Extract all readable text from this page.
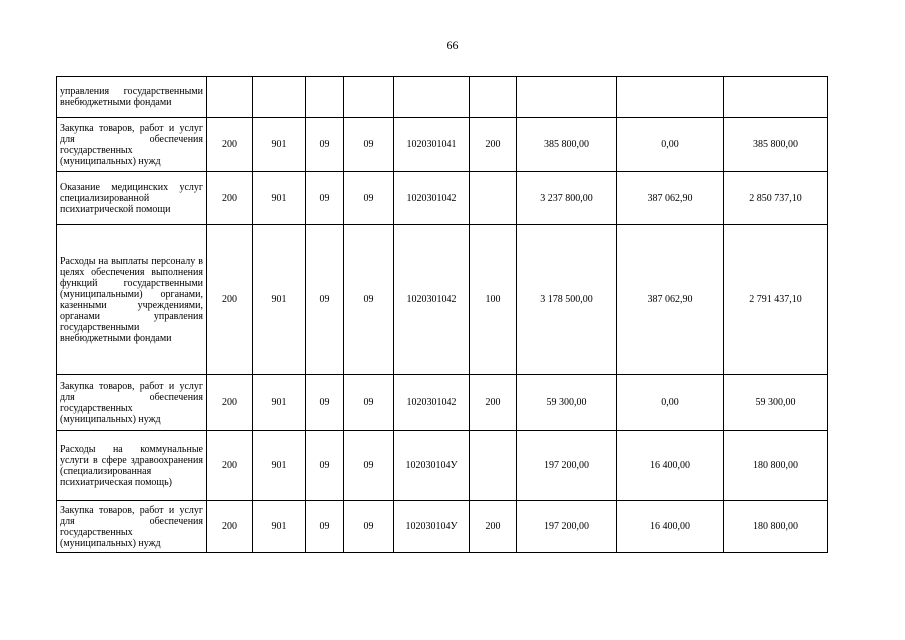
66
управления государственными внебюджетными фондами									
Закупка товаров, работ и услуг для обеспечения государственных (муниципальных) нужд	200	901	09	09	1020301041	200	385 800,00	0,00	385 800,00
Оказание медицинских услуг специализированной психиатрической помощи	200	901	09	09	1020301042		3 237 800,00	387 062,90	2 850 737,10
Расходы на выплаты персоналу в целях обеспечения выполнения функций государственными (муниципальными) органами, казенными учреждениями, органами управления государственными внебюджетными фондами	200	901	09	09	1020301042	100	3 178 500,00	387 062,90	2 791 437,10
Закупка товаров, работ и услуг для обеспечения государственных (муниципальных) нужд	200	901	09	09	1020301042	200	59 300,00	0,00	59 300,00
Расходы на коммунальные услуги в сфере здравоохранения (специализированная психиатрическая помощь)	200	901	09	09	102030104У		197 200,00	16 400,00	180 800,00
Закупка товаров, работ и услуг для обеспечения государственных (муниципальных) нужд	200	901	09	09	102030104У	200	197 200,00	16 400,00	180 800,00
